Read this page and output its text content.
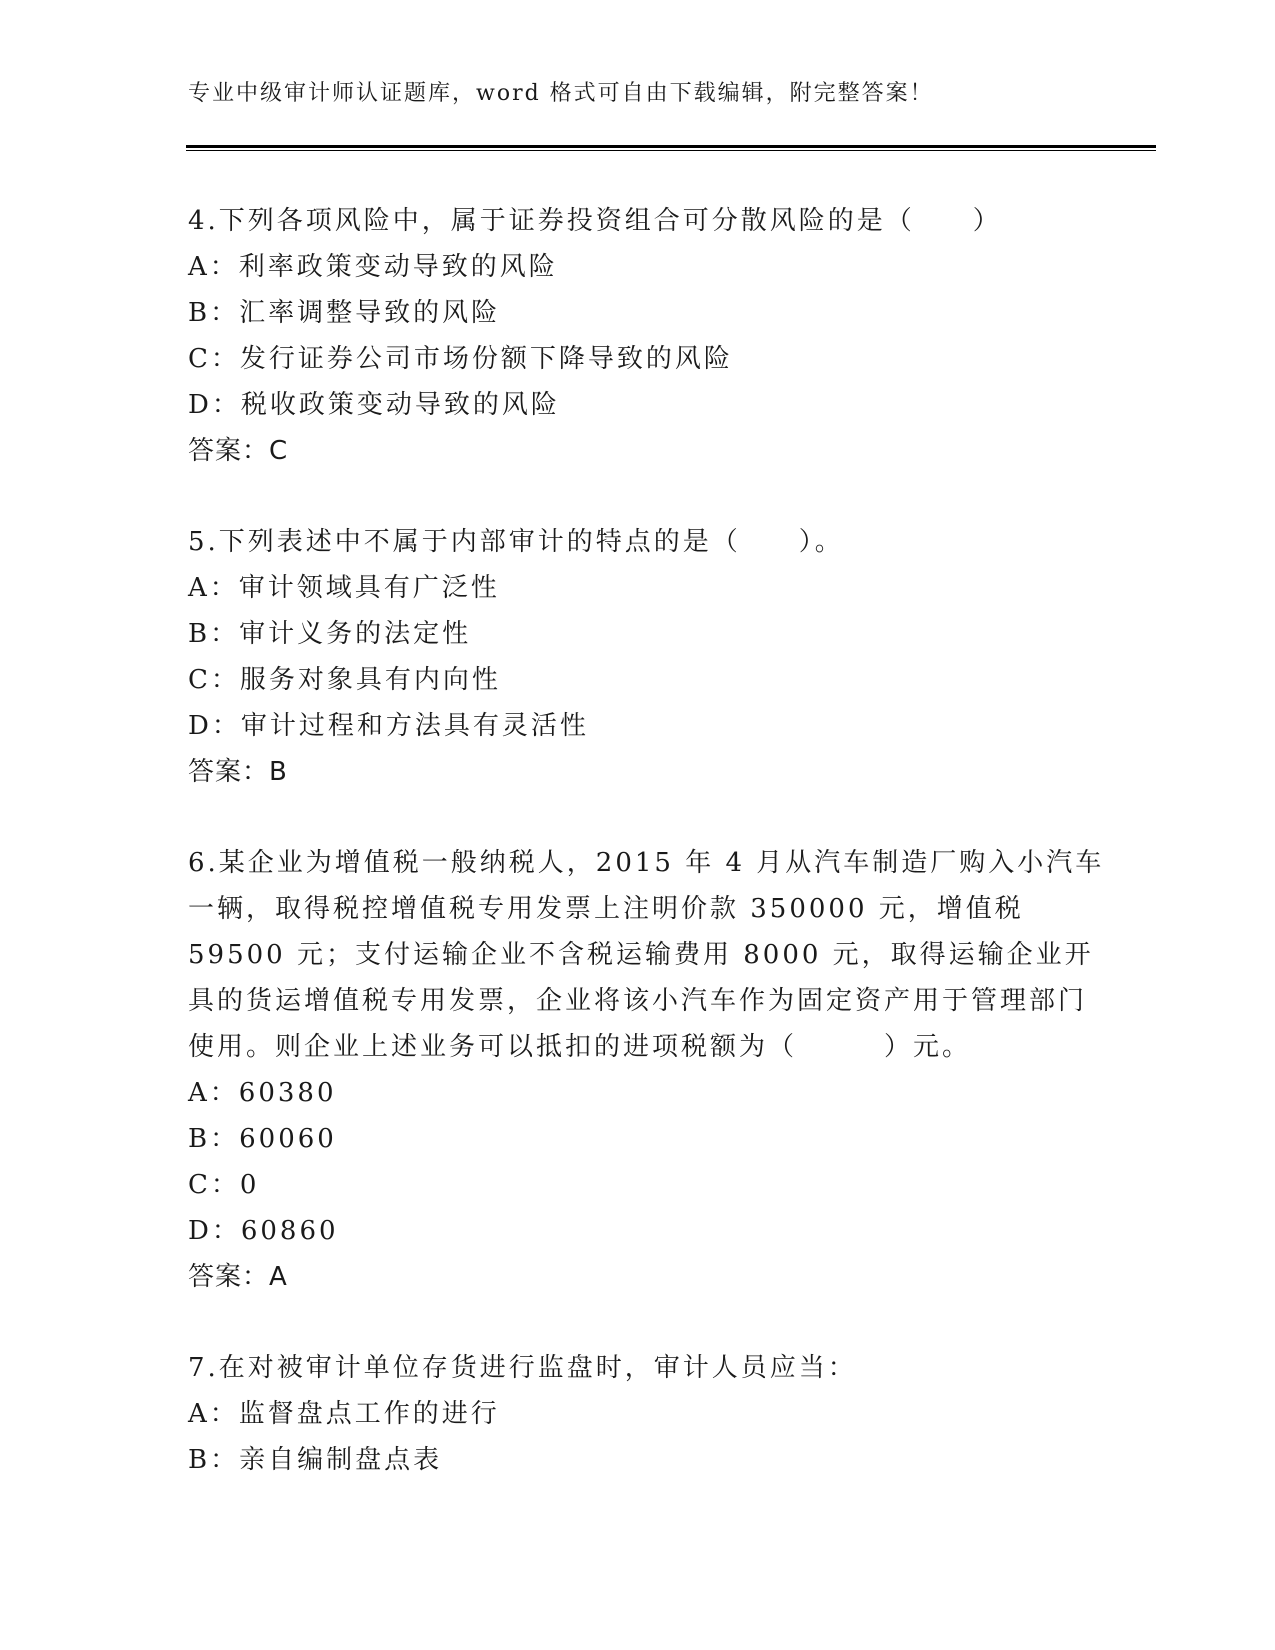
专业中级审计师认证题库，word 格式可自由下载编辑，附完整答案！
4.下列各项风险中，属于证券投资组合可分散风险的是（　　）
A：利率政策变动导致的风险
B：汇率调整导致的风险
C：发行证券公司市场份额下降导致的风险
D：税收政策变动导致的风险
答案：C
5.下列表述中不属于内部审计的特点的是（　　）。
A：审计领域具有广泛性
B：审计义务的法定性
C：服务对象具有内向性
D：审计过程和方法具有灵活性
答案：B
6.某企业为增值税一般纳税人，2015 年 4 月从汽车制造厂购入小汽车一辆，取得税控增值税专用发票上注明价款 350000 元，增值税 59500 元；支付运输企业不含税运输费用 8000 元，取得运输企业开具的货运增值税专用发票，企业将该小汽车作为固定资产用于管理部门使用。则企业上述业务可以抵扣的进项税额为（　　　）元。
A：60380
B：60060
C：0
D：60860
答案：A
7.在对被审计单位存货进行监盘时，审计人员应当：
A：监督盘点工作的进行
B：亲自编制盘点表
